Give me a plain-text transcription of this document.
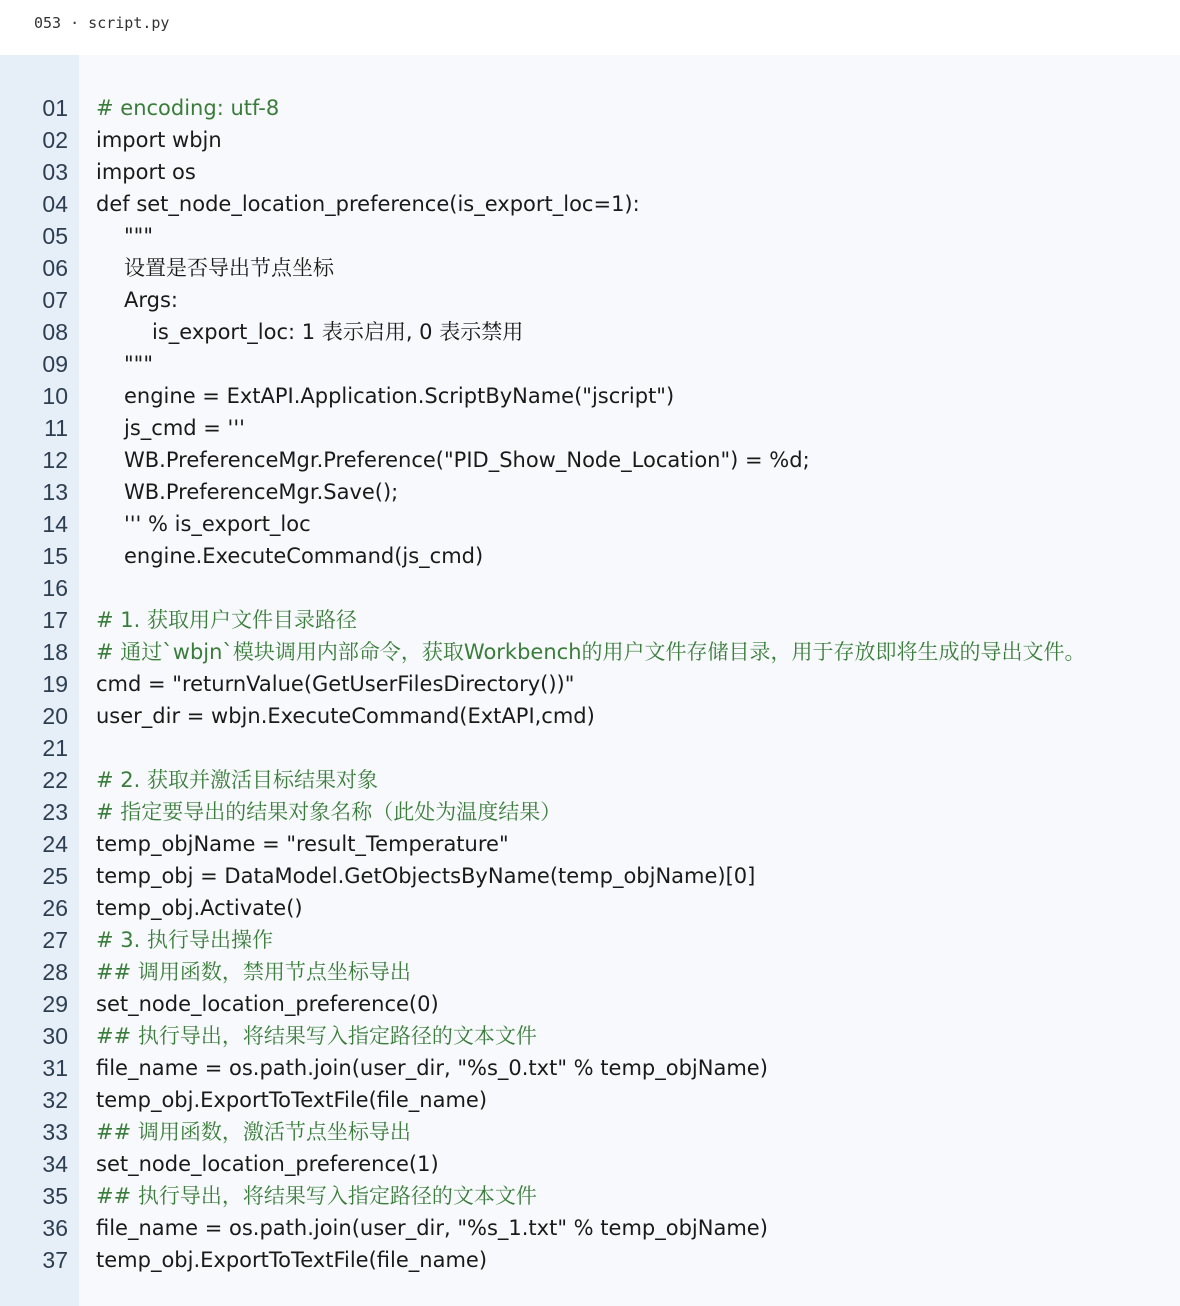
053 · script.py
01 # encoding: utf-8
02 import wbjn
03 import os
04 def set_node_location_preference(is_export_loc=1):
05	"""
06	设置是否导出节点坐标
07	Args:
08	is_export_loc: 1 表示启用, 0 表示禁用
09	"""
10	engine = ExtAPI.Application.ScriptByName("jscript")
11	js_cmd = '''
12	WB.PreferenceMgr.Preference("PID_Show_Node_Location") = %d;
13	WB.PreferenceMgr.Save();
14	''' % is_export_loc
15	engine.ExecuteCommand(js_cmd)
16
17 # 1. 获取用户文件目录路径
18 # 通过`wbjn`模块调用内部命令，获取Workbench的用户文件存储目录，用于存放即将生成的导出文件。
19 cmd = "returnValue(GetUserFilesDirectory())"
20 user_dir = wbjn.ExecuteCommand(ExtAPI,cmd)
21
22 # 2. 获取并激活目标结果对象
23 # 指定要导出的结果对象名称（此处为温度结果）
24 temp_objName = "result_Temperature"
25 temp_obj = DataModel.GetObjectsByName(temp_objName)[0]
26 temp_obj.Activate()
27 # 3. 执行导出操作
28 ## 调用函数，禁用节点坐标导出
29 set_node_location_preference(0)
30 ## 执行导出，将结果写入指定路径的文本文件
31 file_name = os.path.join(user_dir, "%s_0.txt" % temp_objName)
32 temp_obj.ExportToTextFile(file_name)
33 ## 调用函数，激活节点坐标导出
34 set_node_location_preference(1)
35 ## 执行导出，将结果写入指定路径的文本文件
36 file_name = os.path.join(user_dir, "%s_1.txt" % temp_objName)
37 temp_obj.ExportToTextFile(file_name)
